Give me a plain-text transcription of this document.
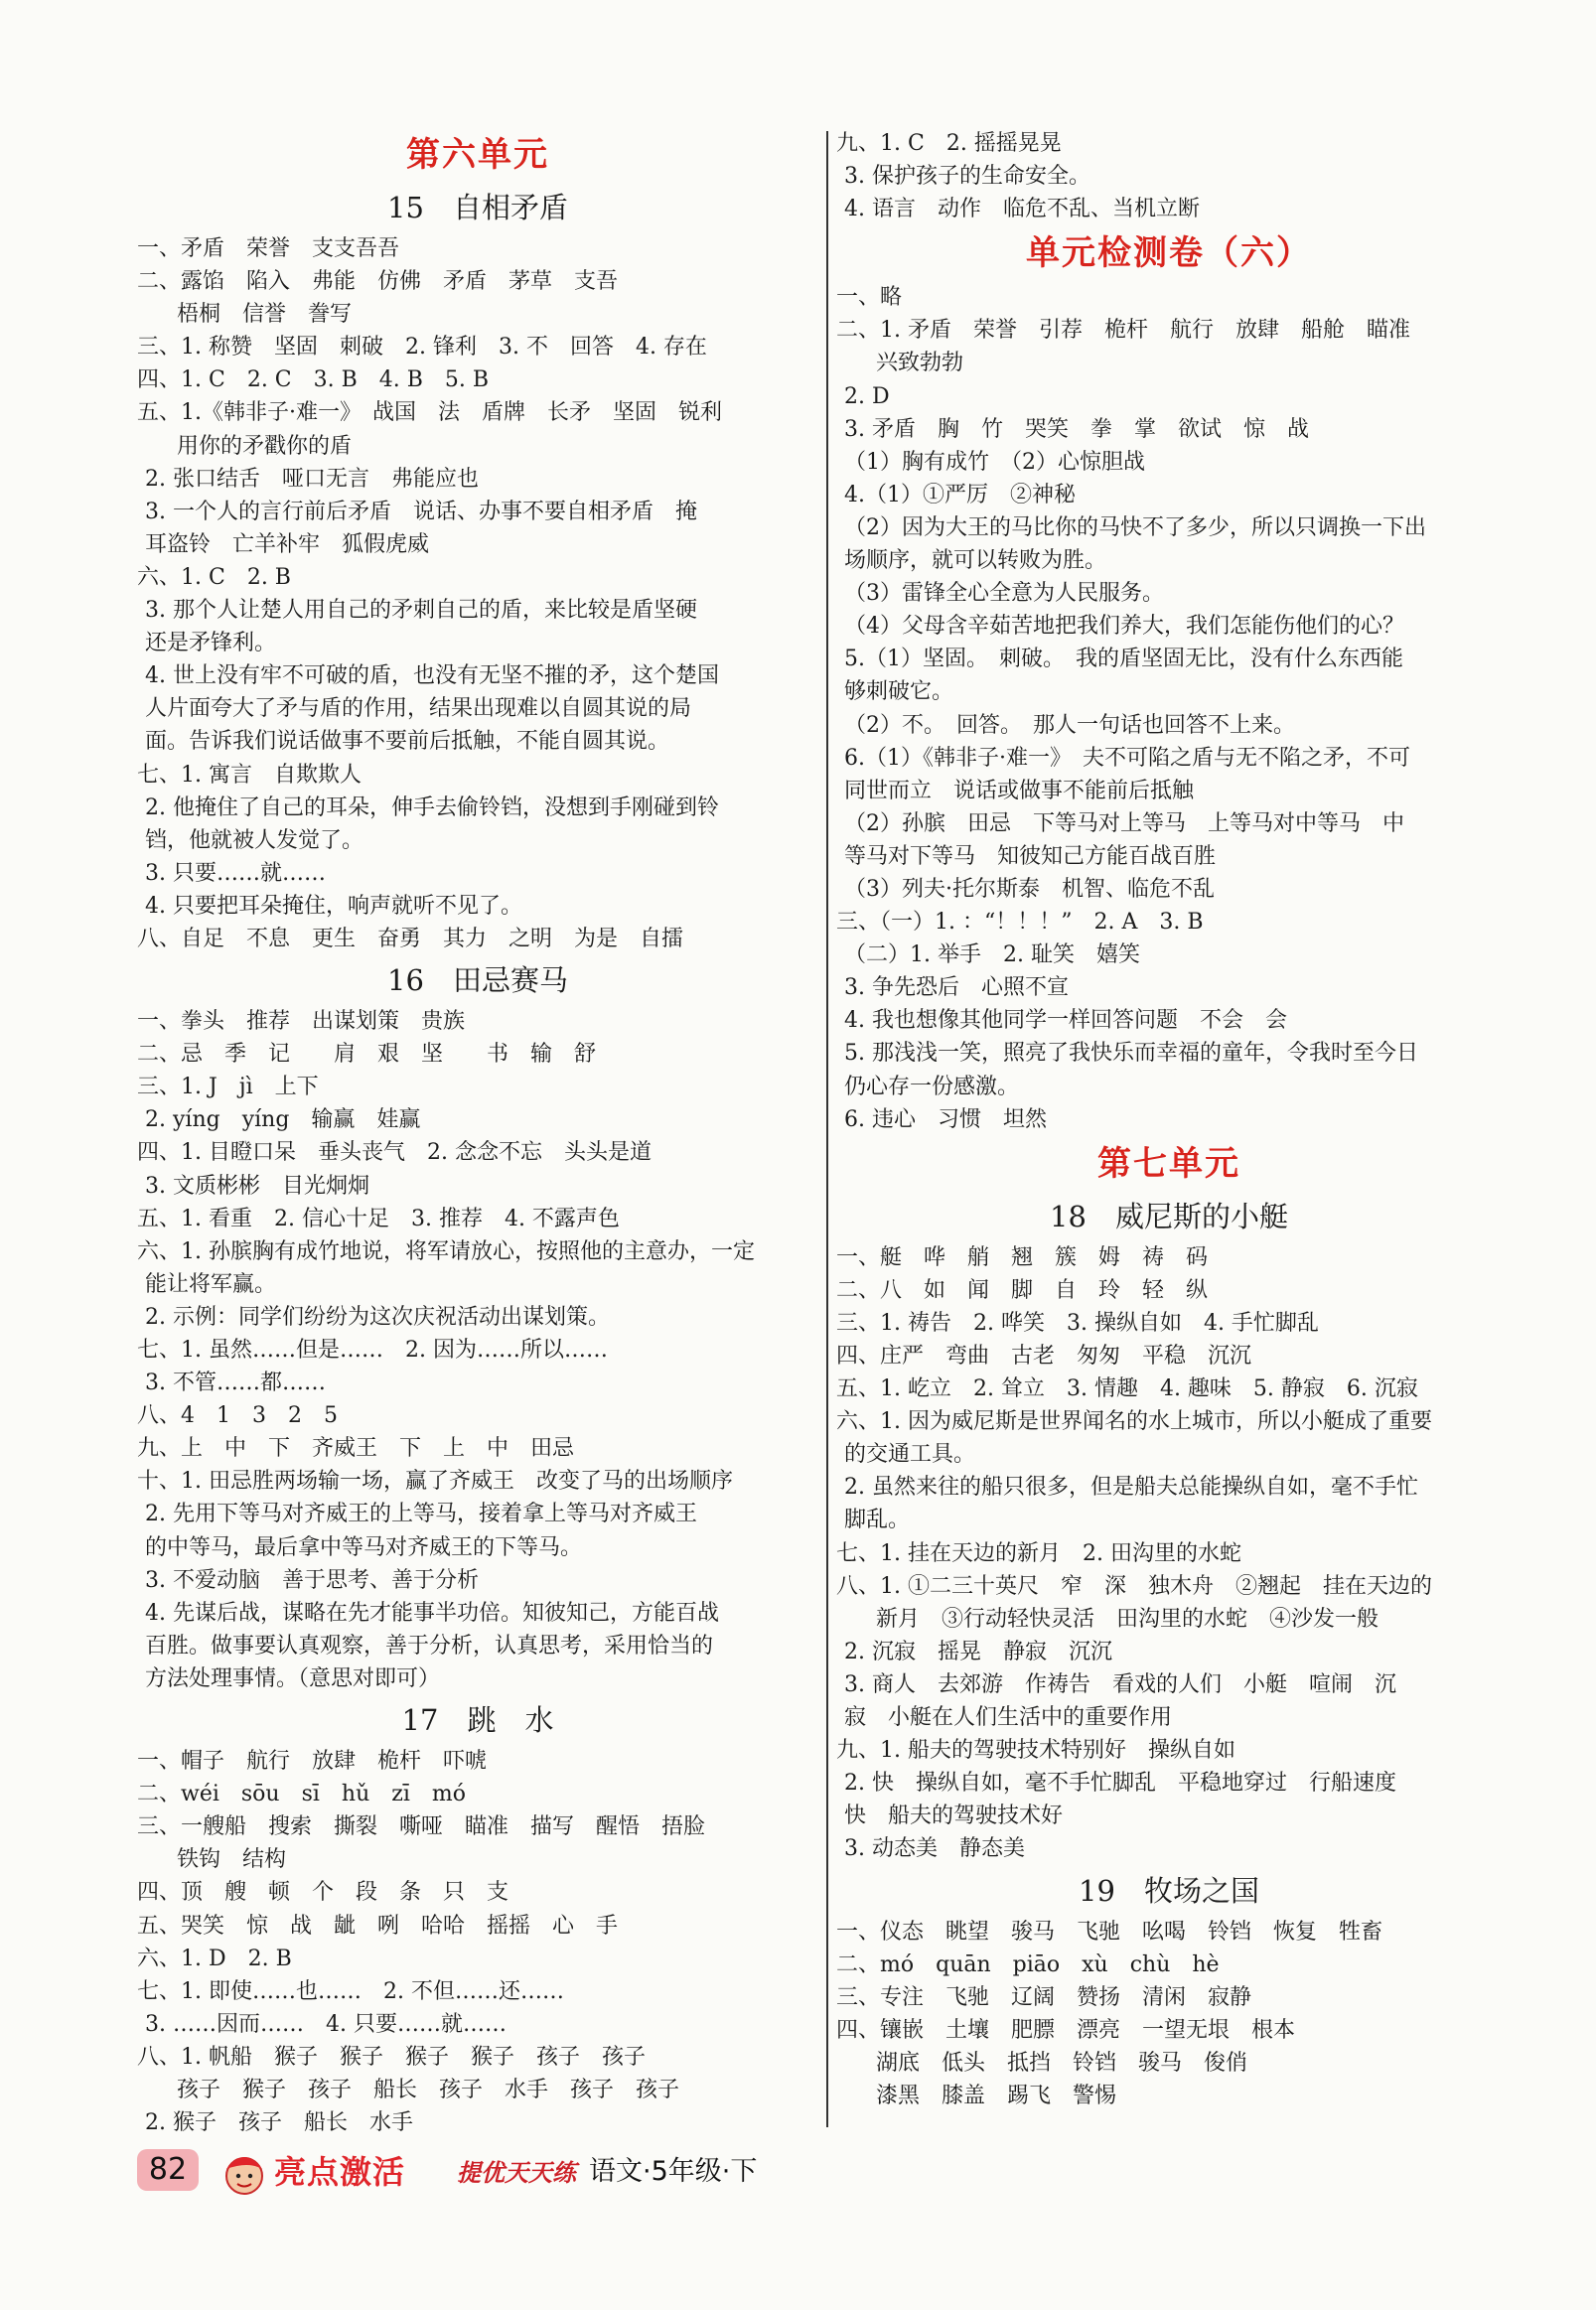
第六单元
15　自相矛盾
一、矛盾　荣誉　支支吾吾
二、露馅　陷入　弗能　仿佛　矛盾　茅草　支吾
梧桐　信誉　誊写
三、1. 称赞　坚固　刺破　2. 锋利　3. 不　回答　4. 存在
四、1. C　2. C　3. B　4. B　5. B
五、1.《韩非子·难一》　战国　法　盾牌　长矛　坚固　锐利
用你的矛戳你的盾
2. 张口结舌　哑口无言　弗能应也
3. 一个人的言行前后矛盾　说话、办事不要自相矛盾　掩
耳盗铃　亡羊补牢　狐假虎威
六、1. C　2. B
3. 那个人让楚人用自己的矛刺自己的盾，来比较是盾坚硬
还是矛锋利。
4. 世上没有牢不可破的盾，也没有无坚不摧的矛，这个楚国
人片面夸大了矛与盾的作用，结果出现难以自圆其说的局
面。告诉我们说话做事不要前后抵触，不能自圆其说。
七、1. 寓言　自欺欺人
2. 他掩住了自己的耳朵，伸手去偷铃铛，没想到手刚碰到铃
铛，他就被人发觉了。
3. 只要……就……
4. 只要把耳朵掩住，响声就听不见了。
八、自足　不息　更生　奋勇　其力　之明　为是　自擂
16　田忌赛马
一、拳头　推荐　出谋划策　贵族
二、忌　季　记　　肩　艰　坚　　书　输　舒
三、1. J　jì　上下
2. yíng　yíng　输赢　娃赢
四、1. 目瞪口呆　垂头丧气　2. 念念不忘　头头是道
3. 文质彬彬　目光炯炯
五、1. 看重　2. 信心十足　3. 推荐　4. 不露声色
六、1. 孙膑胸有成竹地说，将军请放心，按照他的主意办，一定
能让将军赢。
2. 示例：同学们纷纷为这次庆祝活动出谋划策。
七、1. 虽然……但是……　2. 因为……所以……
3. 不管……都……
八、4　1　3　2　5
九、上　中　下　齐威王　下　上　中　田忌
十、1. 田忌胜两场输一场，赢了齐威王　改变了马的出场顺序
2. 先用下等马对齐威王的上等马，接着拿上等马对齐威王
的中等马，最后拿中等马对齐威王的下等马。
3. 不爱动脑　善于思考、善于分析
4. 先谋后战，谋略在先才能事半功倍。知彼知己，方能百战
百胜。做事要认真观察，善于分析，认真思考，采用恰当的
方法处理事情。（意思对即可）
17　跳　水
一、帽子　航行　放肆　桅杆　吓唬
二、wéi　sōu　sī　hǔ　zī　mó
三、一艘船　搜索　撕裂　嘶哑　瞄准　描写　醒悟　捂脸
铁钩　结构
四、顶　艘　顿　个　段　条　只　支
五、哭笑　惊　战　龇　咧　哈哈　摇摇　心　手
六、1. D　2. B
七、1. 即使……也……　2. 不但……还……
3. ……因而……　4. 只要……就……
八、1. 帆船　猴子　猴子　猴子　猴子　孩子　孩子
孩子　猴子　孩子　船长　孩子　水手　孩子　孩子
2. 猴子　孩子　船长　水手
九、1. C　2. 摇摇晃晃
3. 保护孩子的生命安全。
4. 语言　动作　临危不乱、当机立断
单元检测卷（六）
一、略
二、1. 矛盾　荣誉　引荐　桅杆　航行　放肆　船舱　瞄准
兴致勃勃
2. D
3. 矛盾　胸　竹　哭笑　拳　掌　欲试　惊　战
（1）胸有成竹　（2）心惊胆战
4.（1）①严厉　②神秘
（2）因为大王的马比你的马快不了多少，所以只调换一下出
场顺序，就可以转败为胜。
（3）雷锋全心全意为人民服务。
（4）父母含辛茹苦地把我们养大，我们怎能伤他们的心？
5.（1）坚固。　刺破。　我的盾坚固无比，没有什么东西能
够刺破它。
（2）不。　回答。　那人一句话也回答不上来。
6.（1）《韩非子·难一》　夫不可陷之盾与无不陷之矛，不可
同世而立　说话或做事不能前后抵触
（2）孙膑　田忌　下等马对上等马　上等马对中等马　中
等马对下等马　知彼知己方能百战百胜
（3）列夫·托尔斯泰　机智、临危不乱
三、（一）1. ：“！！！”　2. A　3. B
（二）1. 举手　2. 耻笑　嬉笑
3. 争先恐后　心照不宣
4. 我也想像其他同学一样回答问题　不会　会
5. 那浅浅一笑，照亮了我快乐而幸福的童年，令我时至今日
仍心存一份感激。
6. 违心　习惯　坦然
第七单元
18　威尼斯的小艇
一、艇　哗　艄　翘　簇　姆　祷　码
二、八　如　闻　脚　自　玲　轻　纵
三、1. 祷告　2. 哗笑　3. 操纵自如　4. 手忙脚乱
四、庄严　弯曲　古老　匆匆　平稳　沉沉
五、1. 屹立　2. 耸立　3. 情趣　4. 趣味　5. 静寂　6. 沉寂
六、1. 因为威尼斯是世界闻名的水上城市，所以小艇成了重要
的交通工具。
2. 虽然来往的船只很多，但是船夫总能操纵自如，毫不手忙
脚乱。
七、1. 挂在天边的新月　2. 田沟里的水蛇
八、1. ①二三十英尺　窄　深　独木舟　②翘起　挂在天边的
新月　③行动轻快灵活　田沟里的水蛇　④沙发一般
2. 沉寂　摇晃　静寂　沉沉
3. 商人　去郊游　作祷告　看戏的人们　小艇　喧闹　沉
寂　小艇在人们生活中的重要作用
九、1. 船夫的驾驶技术特别好　操纵自如
2. 快　操纵自如，毫不手忙脚乱　平稳地穿过　行船速度
快　船夫的驾驶技术好
3. 动态美　静态美
19　牧场之国
一、仪态　眺望　骏马　飞驰　吆喝　铃铛　恢复　牲畜
二、mó　quān　piāo　xù　chù　hè
三、专注　飞驰　辽阔　赞扬　清闲　寂静
四、镶嵌　土壤　肥膘　漂亮　一望无垠　根本
湖底　低头　抵挡　铃铛　骏马　俊俏
漆黑　膝盖　踢飞　警惕
82	亮点激活 提优天天练 语文·5年级·下
